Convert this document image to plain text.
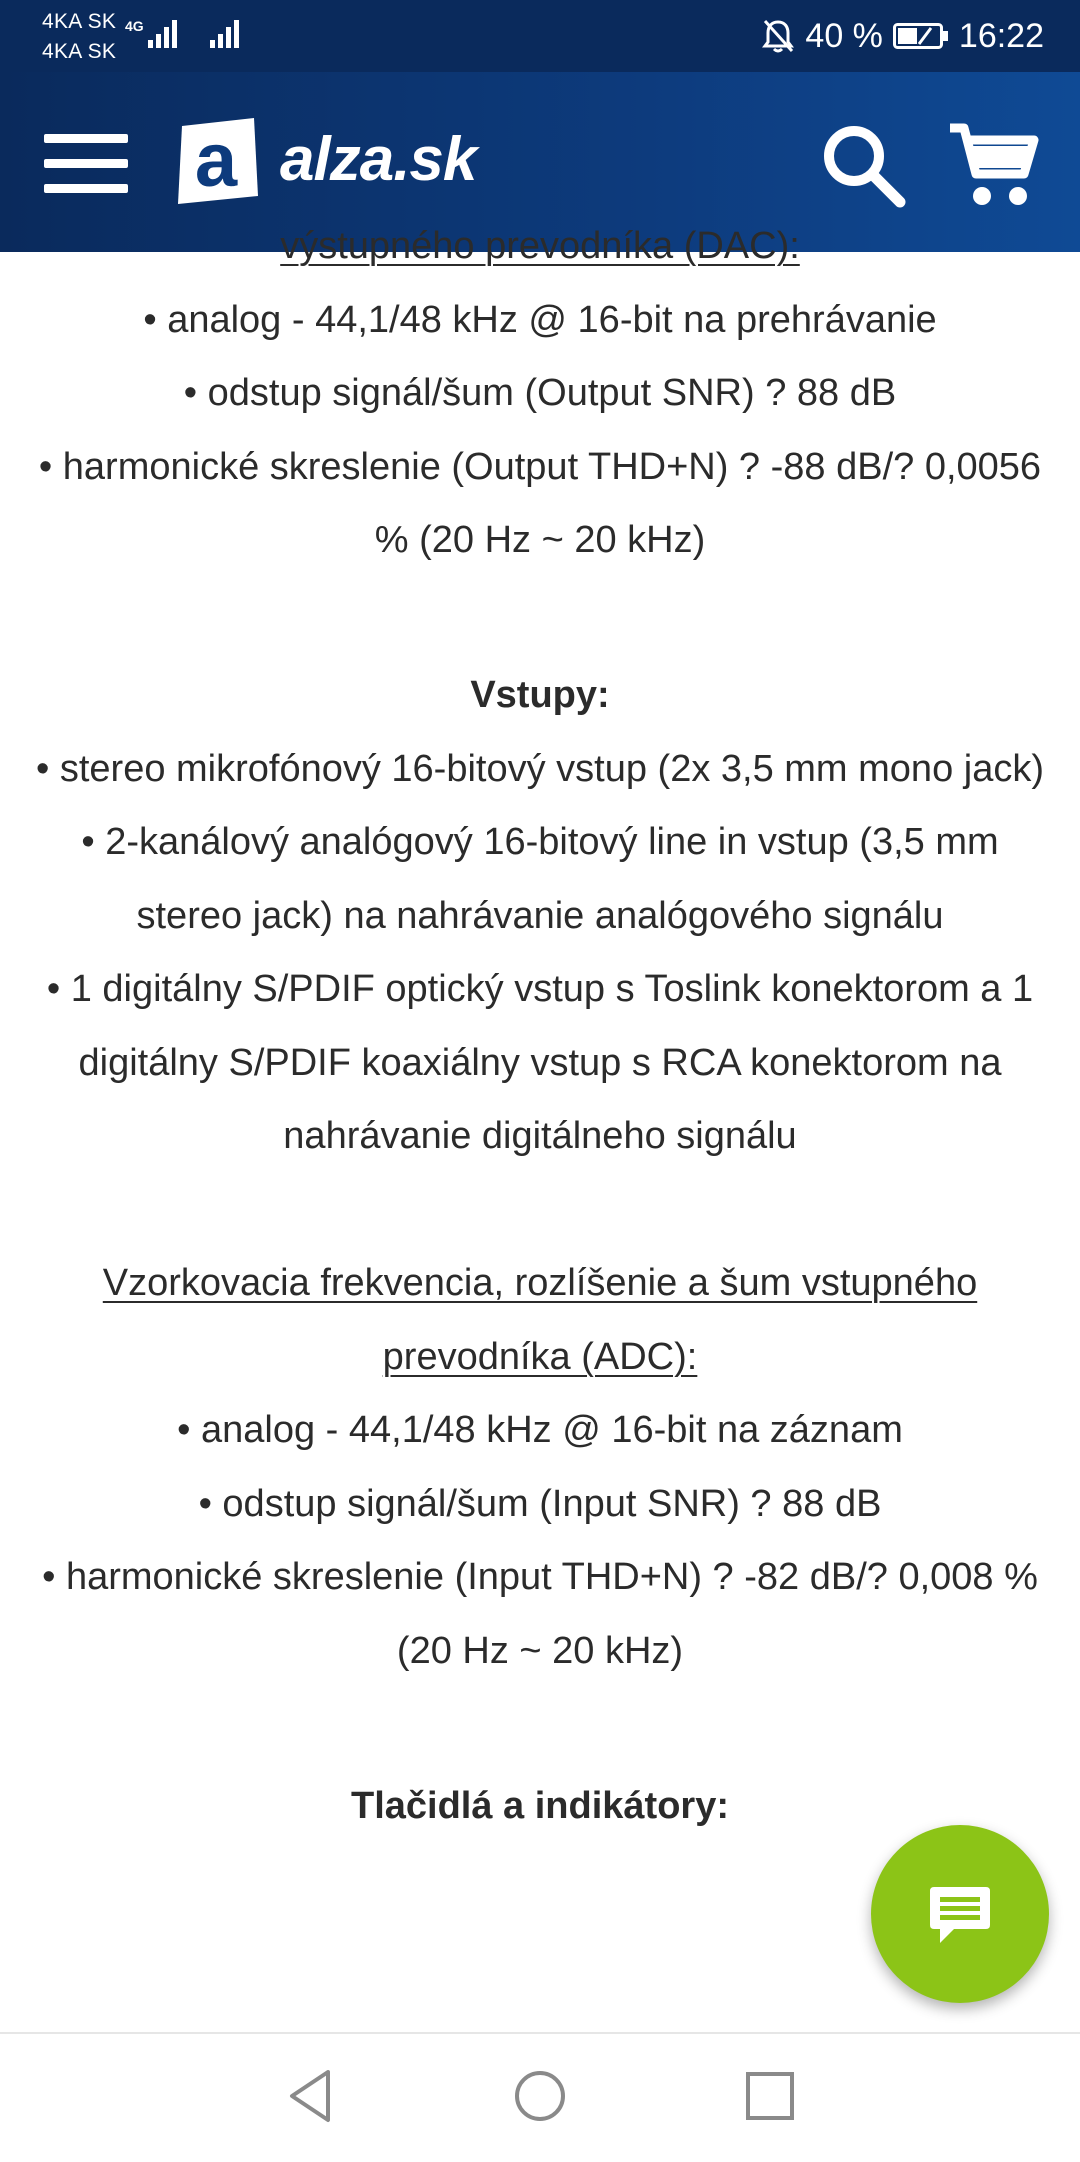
4KA SK
4KA SK
4G	40 % 16:22
a alza.sk

výstupného prevodníka (DAC):

• analog - 44,1/48 kHz @ 16-bit na prehrávanie

• odstup signál/šum (Output SNR) ? 88 dB

• harmonické skreslenie (Output THD+N) ? -88 dB/? 0,0056 % (20 Hz ~ 20 kHz)

Vstupy:

• stereo mikrofónový 16-bitový vstup (2x 3,5 mm mono jack)

• 2-kanálový analógový 16-bitový line in vstup (3,5 mm stereo jack) na nahrávanie analógového signálu

• 1 digitálny S/PDIF optický vstup s Toslink konektorom a 1 digitálny S/PDIF koaxiálny vstup s RCA konektorom na nahrávanie digitálneho signálu

Vzorkovacia frekvencia, rozlíšenie a šum vstupného prevodníka (ADC):

• analog - 44,1/48 kHz @ 16-bit na záznam

• odstup signál/šum (Input SNR) ? 88 dB

• harmonické skreslenie (Input THD+N) ? -82 dB/? 0,008 % (20 Hz ~ 20 kHz)

Tlačidlá a indikátory:
